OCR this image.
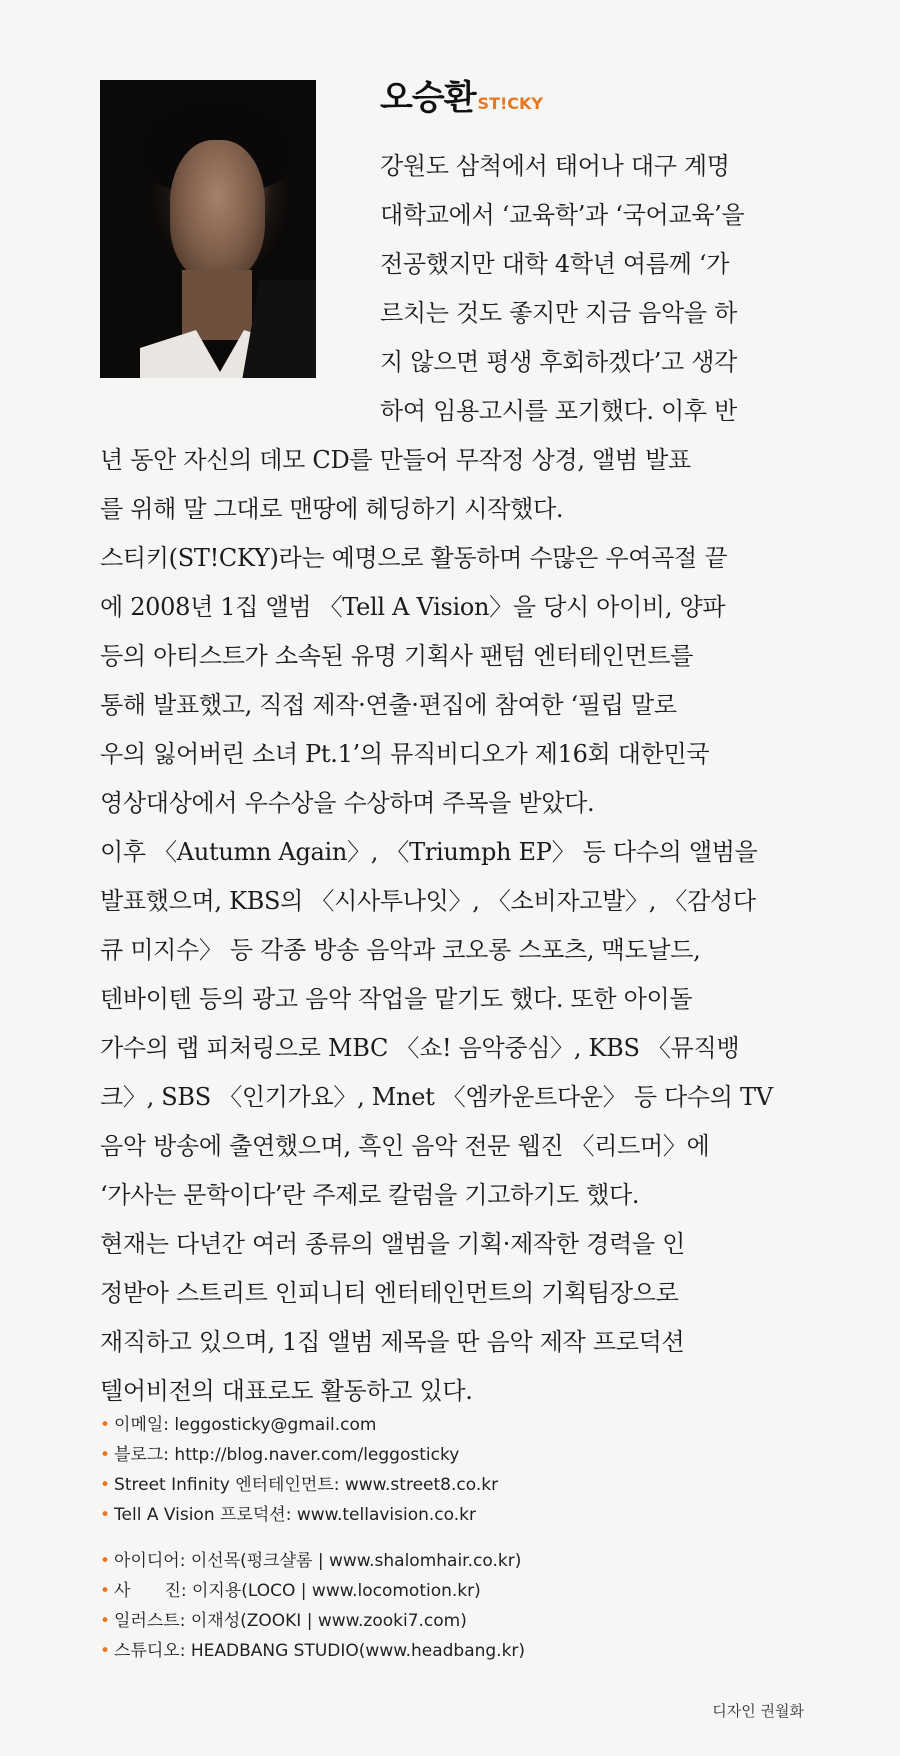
오승환 $^{ST!CKY}$
강원도 삼척에서 태어나 대구 계명
대학교에서 ‘교육학’과 ‘국어교육’을
전공했지만 대학 4학년 여름께 ‘가
르치는 것도 좋지만 지금 음악을 하
지 않으면 평생 후회하겠다’고 생각
하여 임용고시를 포기했다. 이후 반
년 동안 자신의 데모 CD를 만들어 무작정 상경, 앨범 발표
를 위해 말 그대로 맨땅에 헤딩하기 시작했다.
스티키(ST!CKY)라는 예명으로 활동하며 수많은 우여곡절 끝
에 2008년 1집 앨범 〈Tell A Vision〉을 당시 아이비, 양파
등의 아티스트가 소속된 유명 기획사 팬텀 엔터테인먼트를
통해 발표했고, 직접 제작·연출·편집에 참여한 ‘필립 말로
우의 잃어버린 소녀 Pt.1’의 뮤직비디오가 제16회 대한민국
영상대상에서 우수상을 수상하며 주목을 받았다.
이후 〈Autumn Again〉, 〈Triumph EP〉 등 다수의 앨범을
발표했으며, KBS의 〈시사투나잇〉, 〈소비자고발〉, 〈감성다
큐 미지수〉 등 각종 방송 음악과 코오롱 스포츠, 맥도날드,
텐바이텐 등의 광고 음악 작업을 맡기도 했다. 또한 아이돌
가수의 랩 피처링으로 MBC 〈쇼! 음악중심〉, KBS 〈뮤직뱅
크〉, SBS 〈인기가요〉, Mnet 〈엠카운트다운〉 등 다수의 TV
음악 방송에 출연했으며, 흑인 음악 전문 웹진 〈리드머〉에
‘가사는 문학이다’란 주제로 칼럼을 기고하기도 했다.
현재는 다년간 여러 종류의 앨범을 기획·제작한 경력을 인
정받아 스트리트 인피니티 엔터테인먼트의 기획팀장으로
재직하고 있으며, 1집 앨범 제목을 딴 음악 제작 프로덕션
텔어비전의 대표로도 활동하고 있다.
• 이메일: leggosticky@gmail.com
• 블로그: http://blog.naver.com/leggosticky
• Street Infinity 엔터테인먼트: www.street8.co.kr
• Tell A Vision 프로덕션: www.tellavision.co.kr
• 아이디어: 이선목(펑크샬롬 | www.shalomhair.co.kr)
• 사　　진: 이지용(LOCO | www.locomotion.kr)
• 일러스트: 이재성(ZOOKI | www.zooki7.com)
• 스튜디오: HEADBANG STUDIO(www.headbang.kr)
디자인 권월화
